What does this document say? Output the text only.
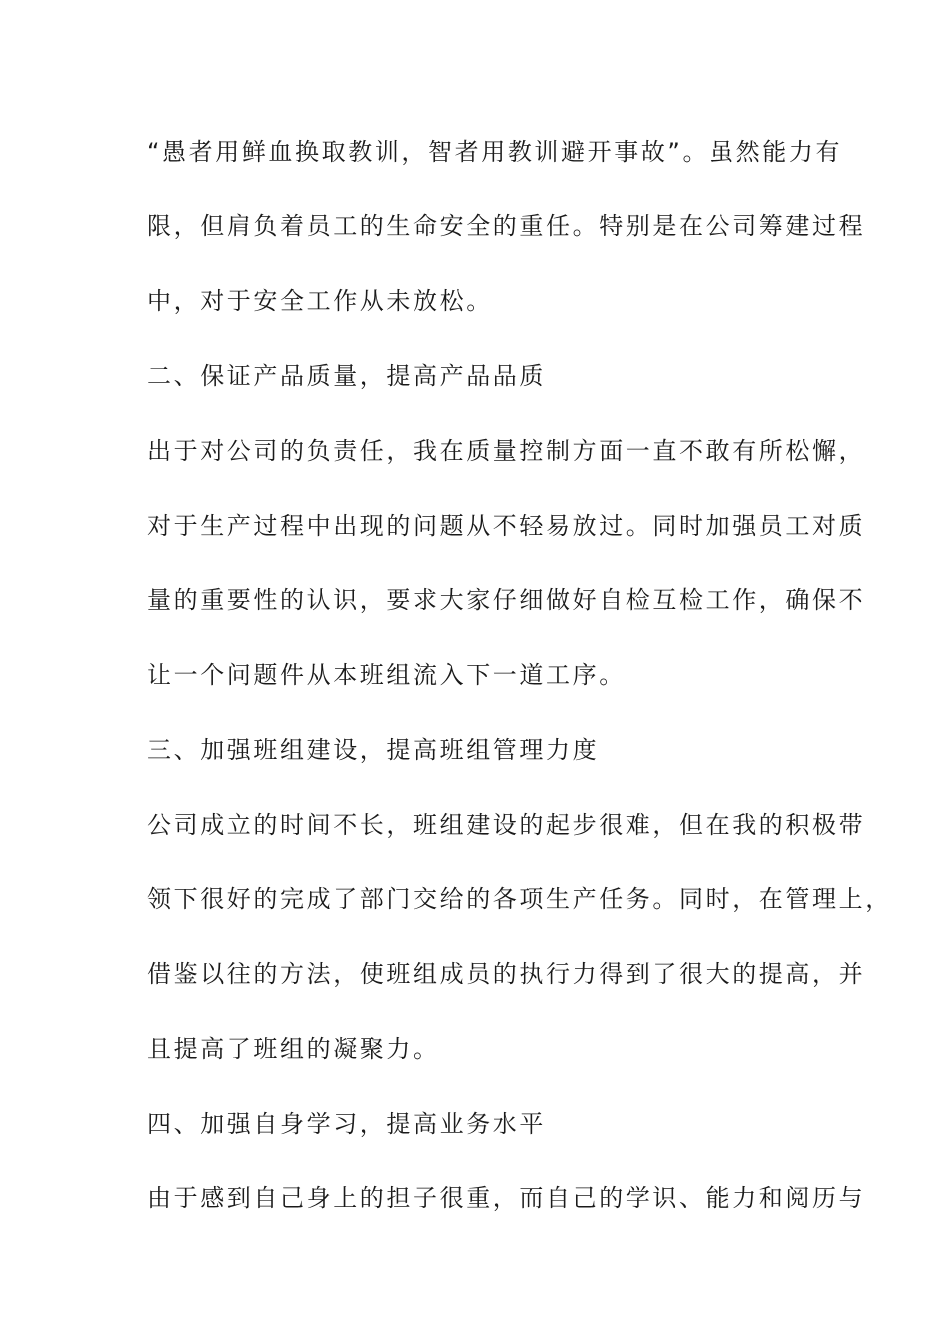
“愚者用鲜血换取教训，智者用教训避开事故”。虽然能力有

限，但肩负着员工的生命安全的重任。特别是在公司筹建过程

中，对于安全工作从未放松。

二、保证产品质量，提高产品品质

出于对公司的负责任，我在质量控制方面一直不敢有所松懈，

对于生产过程中出现的问题从不轻易放过。同时加强员工对质

量的重要性的认识，要求大家仔细做好自检互检工作，确保不

让一个问题件从本班组流入下一道工序。

三、加强班组建设，提高班组管理力度

公司成立的时间不长，班组建设的起步很难，但在我的积极带

领下很好的完成了部门交给的各项生产任务。同时，在管理上，

借鉴以往的方法，使班组成员的执行力得到了很大的提高，并

且提高了班组的凝聚力。

四、加强自身学习，提高业务水平

由于感到自己身上的担子很重，而自己的学识、能力和阅历与
